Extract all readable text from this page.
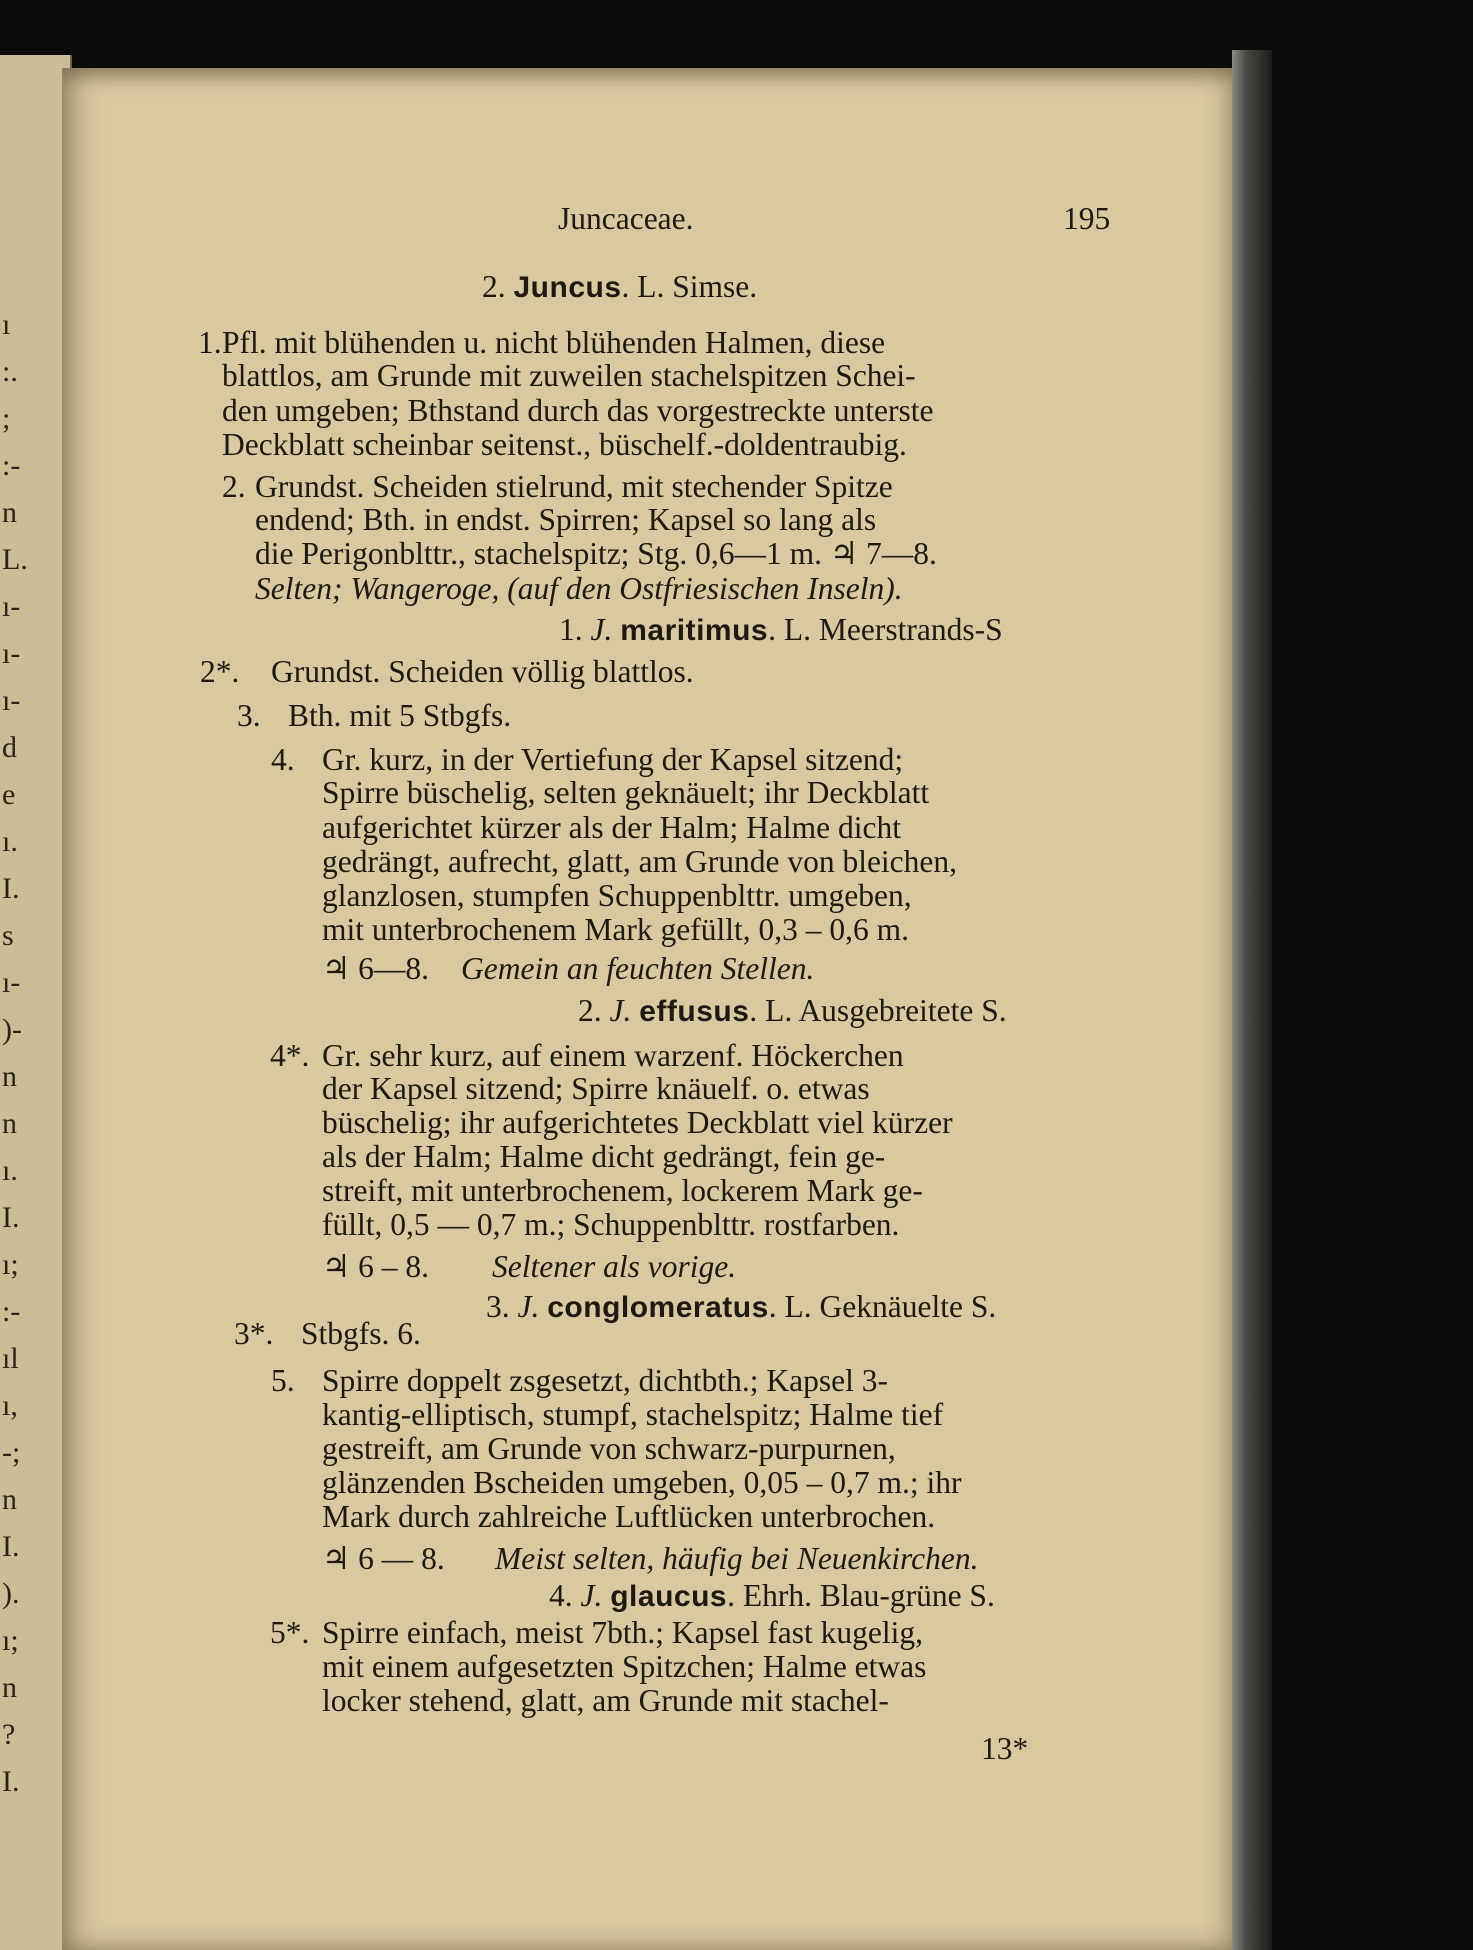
ı
:.
;
:-
n
L.
ı-
ı-
ı-
d
e
ı.
I.
s
ı-
)-
n
n
ı.
I.
ı;
:-
ıl
ı,
-;
n
I.
).
ı;
n
?
I.
Juncaceae.	195
2. Juncus. L. Simse.
1. Pfl. mit blühenden u. nicht blühenden Halmen, diese
blattlos, am Grunde mit zuweilen stachelspitzen Schei-
den umgeben; Bthstand durch das vorgestreckte unterste
Deckblatt scheinbar seitenst., büschelf.-doldentraubig.
2. Grundst. Scheiden stielrund, mit stechender Spitze
endend; Bth. in endst. Spirren; Kapsel so lang als
die Perigonblttr., stachelspitz; Stg. 0,6—1 m. ♃ 7—8.
Selten; Wangeroge, (auf den Ostfriesischen Inseln).
1. J. maritimus. L. Meerstrands-S
2*. Grundst. Scheiden völlig blattlos.
3. Bth. mit 5 Stbgfs.
4. Gr. kurz, in der Vertiefung der Kapsel sitzend;
Spirre büschelig, selten geknäuelt; ihr Deckblatt
aufgerichtet kürzer als der Halm; Halme dicht
gedrängt, aufrecht, glatt, am Grunde von bleichen,
glanzlosen, stumpfen Schuppenblttr. umgeben,
mit unterbrochenem Mark gefüllt, 0,3 – 0,6 m.
♃ 6—8. Gemein an feuchten Stellen.
2. J. effusus. L. Ausgebreitete S.
4*. Gr. sehr kurz, auf einem warzenf. Höckerchen
der Kapsel sitzend; Spirre knäuelf. o. etwas
büschelig; ihr aufgerichtetes Deckblatt viel kürzer
als der Halm; Halme dicht gedrängt, fein ge-
streift, mit unterbrochenem, lockerem Mark ge-
füllt, 0,5 — 0,7 m.; Schuppenblttr. rostfarben.
♃ 6 – 8. Seltener als vorige.
3. J. conglomeratus. L. Geknäuelte S.
3*. Stbgfs. 6.
5. Spirre doppelt zsgesetzt, dichtbth.; Kapsel 3-
kantig-elliptisch, stumpf, stachelspitz; Halme tief
gestreift, am Grunde von schwarz-purpurnen,
glänzenden Bscheiden umgeben, 0,05 – 0,7 m.; ihr
Mark durch zahlreiche Luftlücken unterbrochen.
♃ 6 — 8. Meist selten, häufig bei Neuenkirchen.
4. J. glaucus. Ehrh. Blau-grüne S.
5*. Spirre einfach, meist 7bth.; Kapsel fast kugelig,
mit einem aufgesetzten Spitzchen; Halme etwas
locker stehend, glatt, am Grunde mit stachel-
13*
